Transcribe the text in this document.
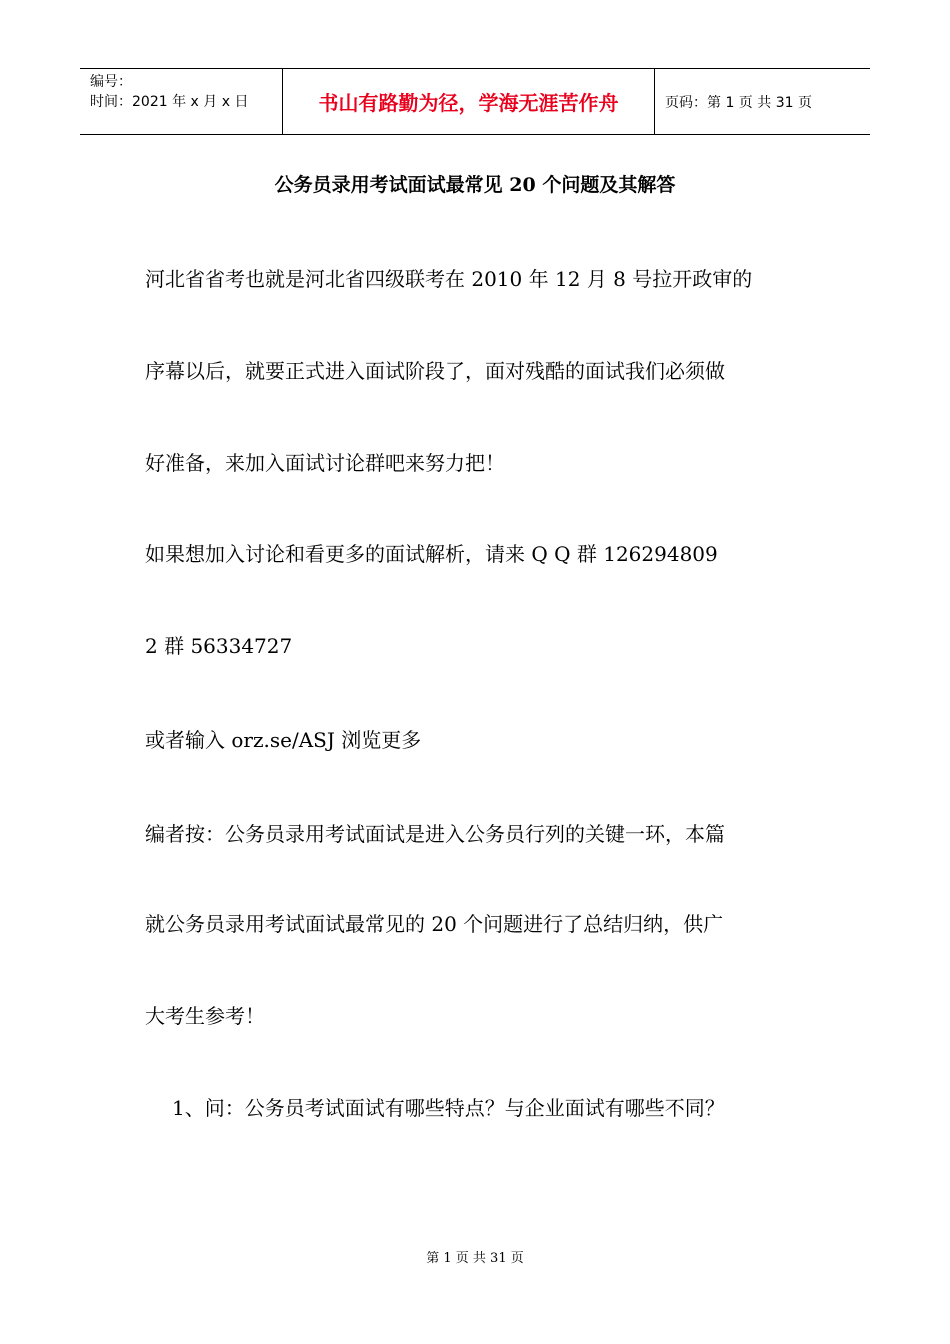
编号：
时间：2021 年 x 月 x 日	书山有路勤为径，学海无涯苦作舟	页码：第 1 页 共 31 页
公务员录用考试面试最常见 20 个问题及其解答
河北省省考也就是河北省四级联考在 2010 年 12 月 8 号拉开政审的
序幕以后，就要正式进入面试阶段了，面对残酷的面试我们必须做
好准备，来加入面试讨论群吧来努力把！
如果想加入讨论和看更多的面试解析，请来 Q Q 群 126294809
2 群 56334727
或者输入 orz.se/ASJ 浏览更多
编者按：公务员录用考试面试是进入公务员行列的关键一环，本篇
就公务员录用考试面试最常见的 20 个问题进行了总结归纳，供广
大考生参考！
1、问：公务员考试面试有哪些特点？与企业面试有哪些不同？
第 1 页 共 31 页
